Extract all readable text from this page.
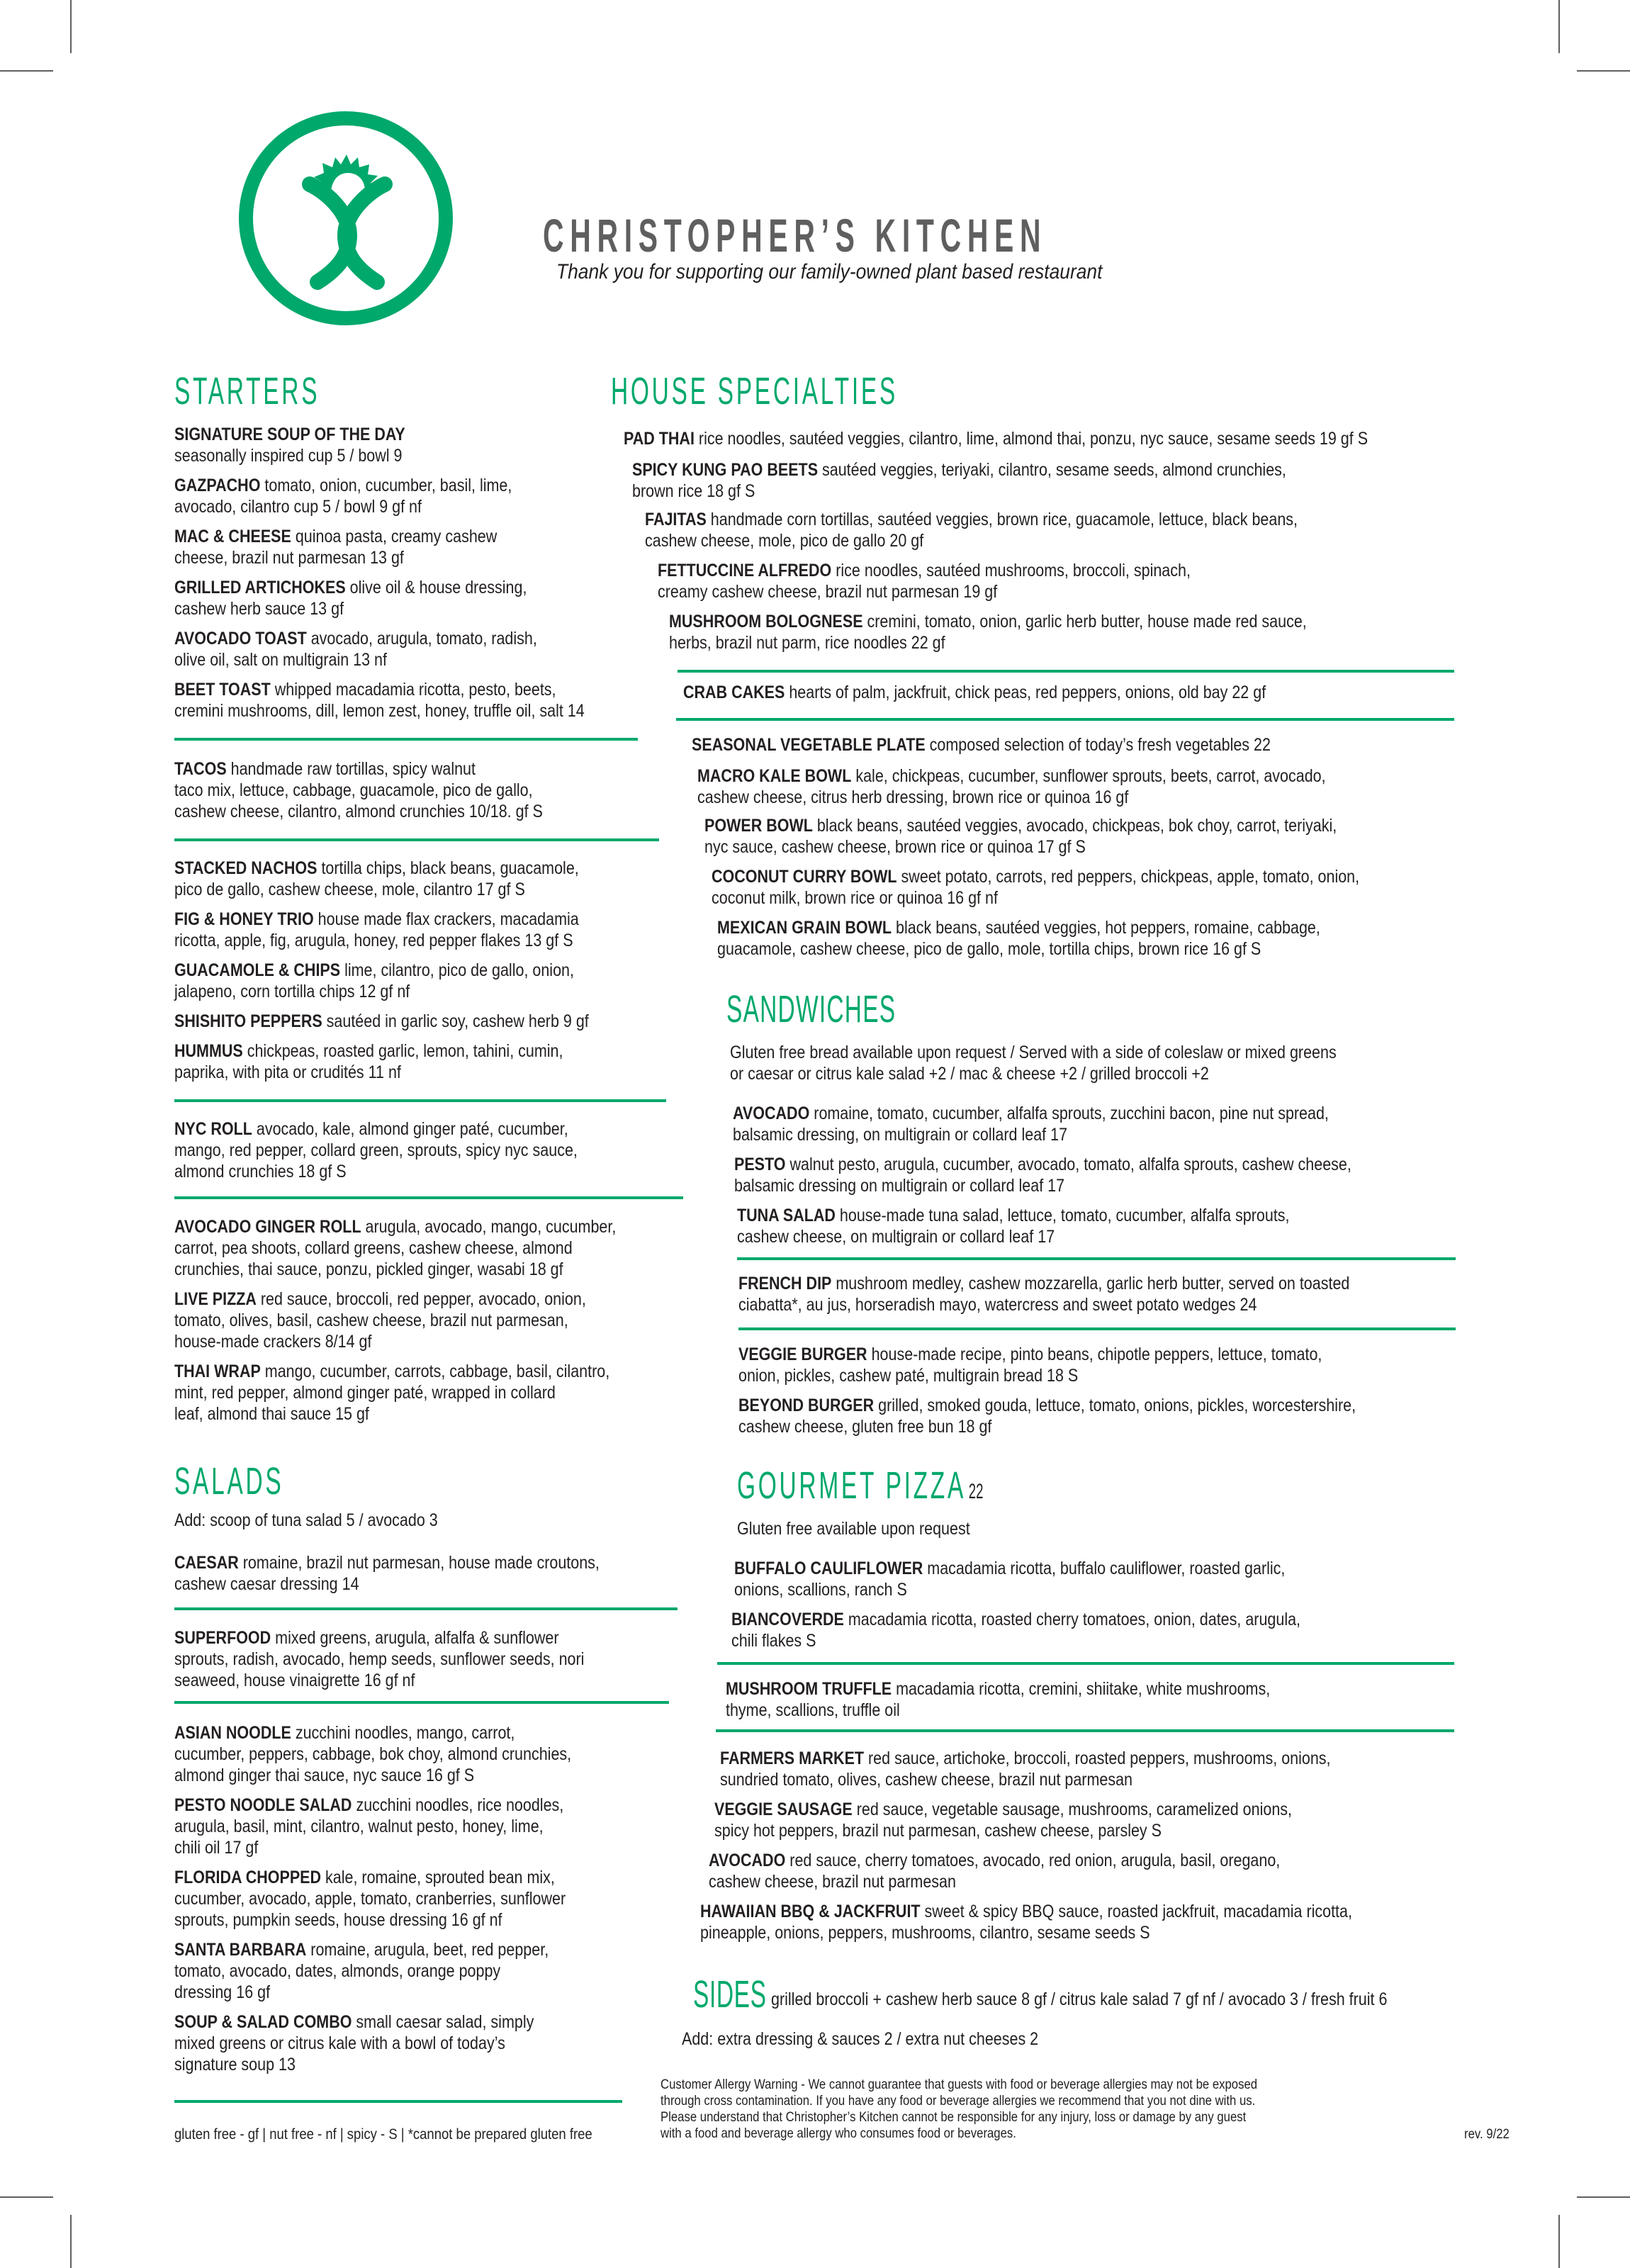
CHRISTOPHER’S KITCHEN
Thank you for supporting our family-owned plant based restaurant
STARTERS
SIGNATURE SOUP OF THE DAY
seasonally inspired cup 5 / bowl 9
GAZPACHO tomato, onion, cucumber, basil, lime,
avocado, cilantro cup 5 / bowl 9 gf nf
MAC & CHEESE quinoa pasta, creamy cashew
cheese, brazil nut parmesan 13 gf
GRILLED ARTICHOKES olive oil & house dressing,
cashew herb sauce 13 gf
AVOCADO TOAST avocado, arugula, tomato, radish,
olive oil, salt on multigrain 13 nf
BEET TOAST whipped macadamia ricotta, pesto, beets,
cremini mushrooms, dill, lemon zest, honey, truffle oil, salt 14
TACOS handmade raw tortillas, spicy walnut
taco mix, lettuce, cabbage, guacamole, pico de gallo,
cashew cheese, cilantro, almond crunchies 10/18. gf S
STACKED NACHOS tortilla chips, black beans, guacamole,
pico de gallo, cashew cheese, mole, cilantro 17 gf S
FIG & HONEY TRIO house made flax crackers, macadamia
ricotta, apple, fig, arugula, honey, red pepper flakes 13 gf S
GUACAMOLE & CHIPS lime, cilantro, pico de gallo, onion,
jalapeno, corn tortilla chips 12 gf nf
SHISHITO PEPPERS sautéed in garlic soy, cashew herb 9 gf
HUMMUS chickpeas, roasted garlic, lemon, tahini, cumin,
paprika, with pita or crudités 11 nf
NYC ROLL avocado, kale, almond ginger paté, cucumber,
mango, red pepper, collard green, sprouts, spicy nyc sauce,
almond crunchies 18 gf S
AVOCADO GINGER ROLL arugula, avocado, mango, cucumber,
carrot, pea shoots, collard greens, cashew cheese, almond
crunchies, thai sauce, ponzu, pickled ginger, wasabi 18 gf
LIVE PIZZA red sauce, broccoli, red pepper, avocado, onion,
tomato, olives, basil, cashew cheese, brazil nut parmesan,
house-made crackers 8/14 gf
THAI WRAP mango, cucumber, carrots, cabbage, basil, cilantro,
mint, red pepper, almond ginger paté, wrapped in collard
leaf, almond thai sauce 15 gf
SALADS
Add: scoop of tuna salad 5 / avocado 3
CAESAR romaine, brazil nut parmesan, house made croutons,
cashew caesar dressing 14
SUPERFOOD mixed greens, arugula, alfalfa & sunflower
sprouts, radish, avocado, hemp seeds, sunflower seeds, nori
seaweed, house vinaigrette 16 gf nf
ASIAN NOODLE zucchini noodles, mango, carrot,
cucumber, peppers, cabbage, bok choy, almond crunchies,
almond ginger thai sauce, nyc sauce 16 gf S
PESTO NOODLE SALAD zucchini noodles, rice noodles,
arugula, basil, mint, cilantro, walnut pesto, honey, lime,
chili oil 17 gf
FLORIDA CHOPPED kale, romaine, sprouted bean mix,
cucumber, avocado, apple, tomato, cranberries, sunflower
sprouts, pumpkin seeds, house dressing 16 gf nf
SANTA BARBARA romaine, arugula, beet, red pepper,
tomato, avocado, dates, almonds, orange poppy
dressing 16 gf
SOUP & SALAD COMBO small caesar salad, simply
mixed greens or citrus kale with a bowl of today’s
signature soup 13
gluten free - gf | nut free - nf | spicy - S | *cannot be prepared gluten free
HOUSE SPECIALTIES
PAD THAI rice noodles, sautéed veggies, cilantro, lime, almond thai, ponzu, nyc sauce, sesame seeds 19 gf S
SPICY KUNG PAO BEETS sautéed veggies, teriyaki, cilantro, sesame seeds, almond crunchies,
brown rice 18 gf S
FAJITAS handmade corn tortillas, sautéed veggies, brown rice, guacamole, lettuce, black beans,
cashew cheese, mole, pico de gallo 20 gf
FETTUCCINE ALFREDO rice noodles, sautéed mushrooms, broccoli, spinach,
creamy cashew cheese, brazil nut parmesan 19 gf
MUSHROOM BOLOGNESE cremini, tomato, onion, garlic herb butter, house made red sauce,
herbs, brazil nut parm, rice noodles 22 gf
CRAB CAKES hearts of palm, jackfruit, chick peas, red peppers, onions, old bay 22 gf
SEASONAL VEGETABLE PLATE composed selection of today’s fresh vegetables 22
MACRO KALE BOWL kale, chickpeas, cucumber, sunflower sprouts, beets, carrot, avocado,
cashew cheese, citrus herb dressing, brown rice or quinoa 16 gf
POWER BOWL black beans, sautéed veggies, avocado, chickpeas, bok choy, carrot, teriyaki,
nyc sauce, cashew cheese, brown rice or quinoa 17 gf S
COCONUT CURRY BOWL sweet potato, carrots, red peppers, chickpeas, apple, tomato, onion,
coconut milk, brown rice or quinoa 16 gf nf
MEXICAN GRAIN BOWL black beans, sautéed veggies, hot peppers, romaine, cabbage,
guacamole, cashew cheese, pico de gallo, mole, tortilla chips, brown rice 16 gf S
SANDWICHES
Gluten free bread available upon request / Served with a side of coleslaw or mixed greens
or caesar or citrus kale salad +2 / mac & cheese +2 / grilled broccoli +2
AVOCADO romaine, tomato, cucumber, alfalfa sprouts, zucchini bacon, pine nut spread,
balsamic dressing, on multigrain or collard leaf 17
PESTO walnut pesto, arugula, cucumber, avocado, tomato, alfalfa sprouts, cashew cheese,
balsamic dressing on multigrain or collard leaf 17
TUNA SALAD house-made tuna salad, lettuce, tomato, cucumber, alfalfa sprouts,
cashew cheese, on multigrain or collard leaf 17
FRENCH DIP mushroom medley, cashew mozzarella, garlic herb butter, served on toasted
ciabatta*, au jus, horseradish mayo, watercress and sweet potato wedges 24
VEGGIE BURGER house-made recipe, pinto beans, chipotle peppers, lettuce, tomato,
onion, pickles, cashew paté, multigrain bread 18 S
BEYOND BURGER grilled, smoked gouda, lettuce, tomato, onions, pickles, worcestershire,
cashew cheese, gluten free bun 18 gf
GOURMET PIZZA 22
Gluten free available upon request
BUFFALO CAULIFLOWER macadamia ricotta, buffalo cauliflower, roasted garlic,
onions, scallions, ranch S
BIANCOVERDE macadamia ricotta, roasted cherry tomatoes, onion, dates, arugula,
chili flakes S
MUSHROOM TRUFFLE macadamia ricotta, cremini, shiitake, white mushrooms,
thyme, scallions, truffle oil
FARMERS MARKET red sauce, artichoke, broccoli, roasted peppers, mushrooms, onions,
sundried tomato, olives, cashew cheese, brazil nut parmesan
VEGGIE SAUSAGE red sauce, vegetable sausage, mushrooms, caramelized onions,
spicy hot peppers, brazil nut parmesan, cashew cheese, parsley S
AVOCADO red sauce, cherry tomatoes, avocado, red onion, arugula, basil, oregano,
cashew cheese, brazil nut parmesan
HAWAIIAN BBQ & JACKFRUIT sweet & spicy BBQ sauce, roasted jackfruit, macadamia ricotta,
pineapple, onions, peppers, mushrooms, cilantro, sesame seeds S
SIDES grilled broccoli + cashew herb sauce 8 gf / citrus kale salad 7 gf nf / avocado 3 / fresh fruit 6
Add: extra dressing & sauces 2 / extra nut cheeses 2
Customer Allergy Warning - We cannot guarantee that guests with food or beverage allergies may not be exposed
through cross contamination. If you have any food or beverage allergies we recommend that you not dine with us.
Please understand that Christopher’s Kitchen cannot be responsible for any injury, loss or damage by any guest
with a food and beverage allergy who consumes food or beverages.	rev. 9/22
